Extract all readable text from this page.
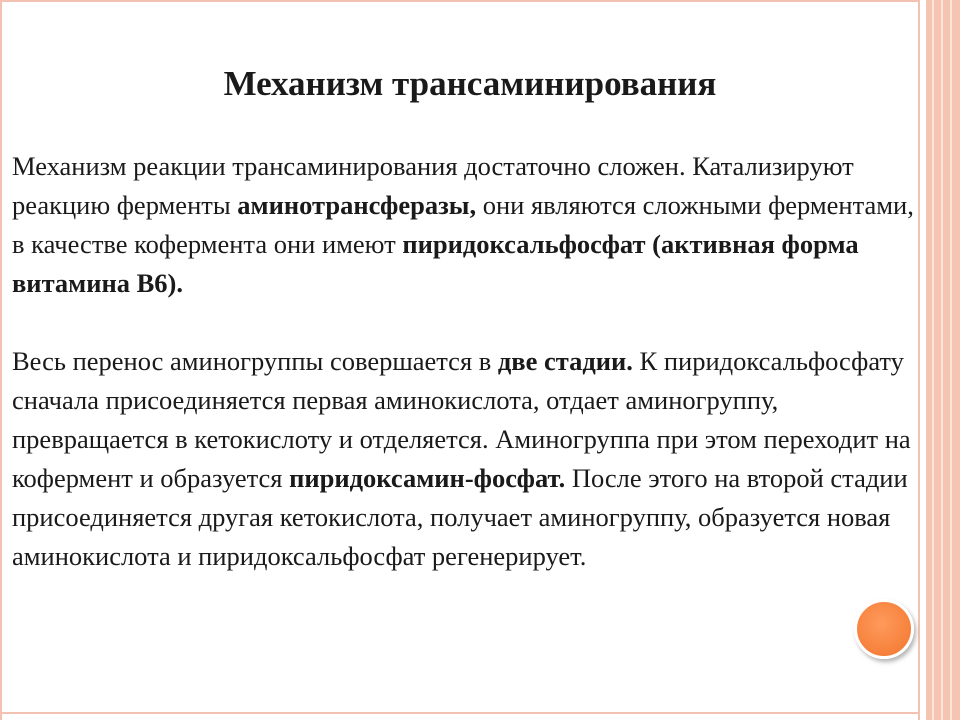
Механизм трансаминирования

Механизм реакции трансаминирования достаточно сложен. Катализируют реакцию ферменты аминотрансферазы, они являются сложными ферментами, в качестве кофермента они имеют пиридоксальфосфат (активная форма витамина В6).

Весь перенос аминогруппы совершается в две стадии. К пиридоксальфосфату сначала присоединяется первая аминокислота, отдает аминогруппу, превращается в кетокислоту и отделяется. Аминогруппа при этом переходит на кофермент и образуется пиридоксамин-фосфат. После этого на второй стадии присоединяется другая кетокислота, получает аминогруппу, образуется новая аминокислота и пиридоксальфосфат регенерирует.
